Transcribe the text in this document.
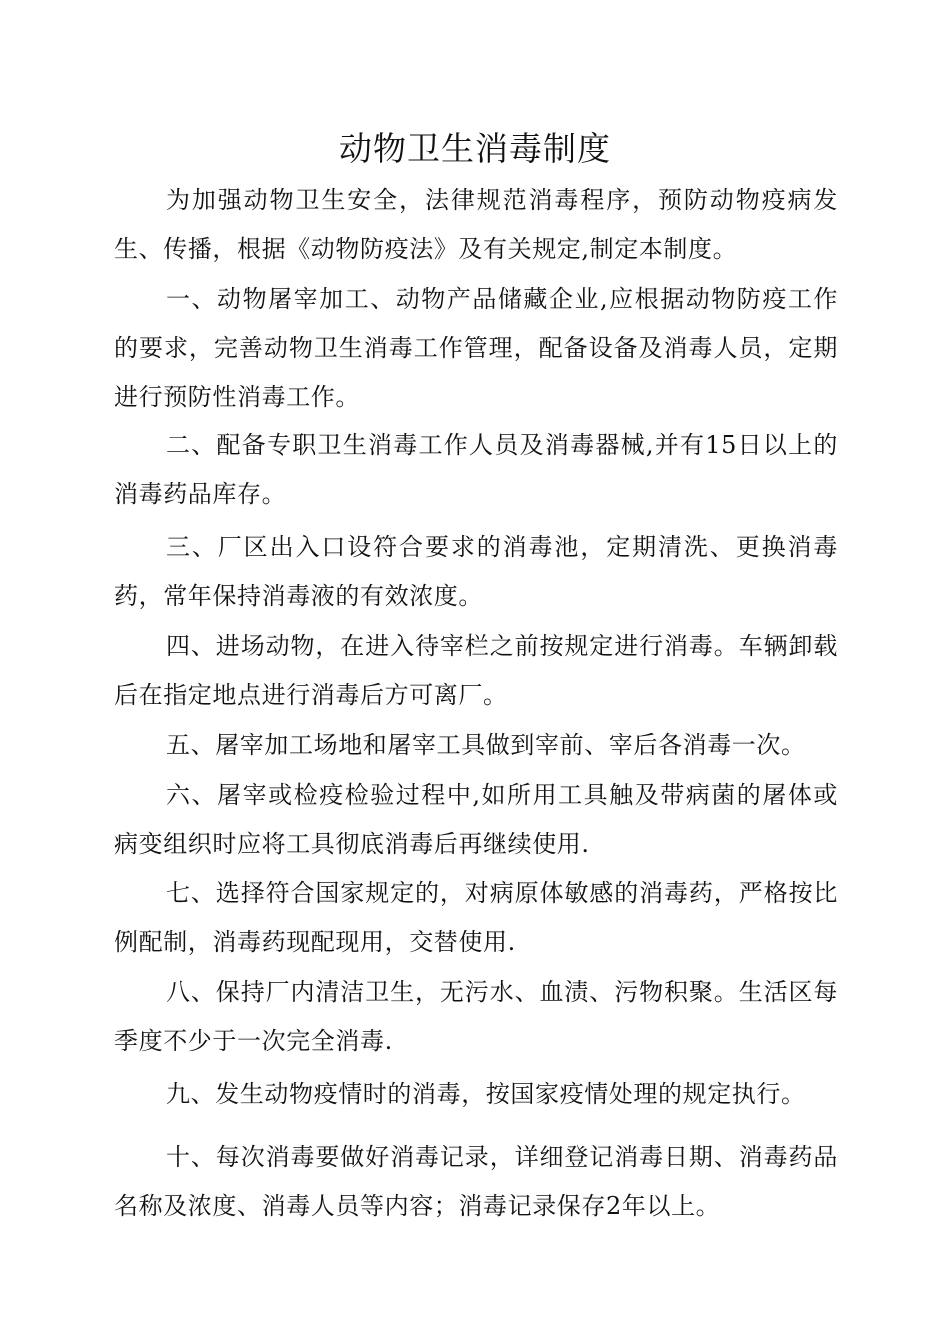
动物卫生消毒制度

为加强动物卫生安全，法律规范消毒程序，预防动物疫病发生、传播，根据《动物防疫法》及有关规定,制定本制度。

一、动物屠宰加工、动物产品储藏企业,应根据动物防疫工作的要求，完善动物卫生消毒工作管理，配备设备及消毒人员，定期进行预防性消毒工作。

二、配备专职卫生消毒工作人员及消毒器械,并有15日以上的消毒药品库存。

三、厂区出入口设符合要求的消毒池，定期清洗、更换消毒药，常年保持消毒液的有效浓度。

四、进场动物，在进入待宰栏之前按规定进行消毒。车辆卸载后在指定地点进行消毒后方可离厂。

五、屠宰加工场地和屠宰工具做到宰前、宰后各消毒一次。

六、屠宰或检疫检验过程中,如所用工具触及带病菌的屠体或病变组织时应将工具彻底消毒后再继续使用.

七、选择符合国家规定的，对病原体敏感的消毒药，严格按比例配制，消毒药现配现用，交替使用.

八、保持厂内清洁卫生，无污水、血渍、污物积聚。生活区每季度不少于一次完全消毒.

九、发生动物疫情时的消毒，按国家疫情处理的规定执行。

十、每次消毒要做好消毒记录，详细登记消毒日期、消毒药品名称及浓度、消毒人员等内容；消毒记录保存2年以上。
